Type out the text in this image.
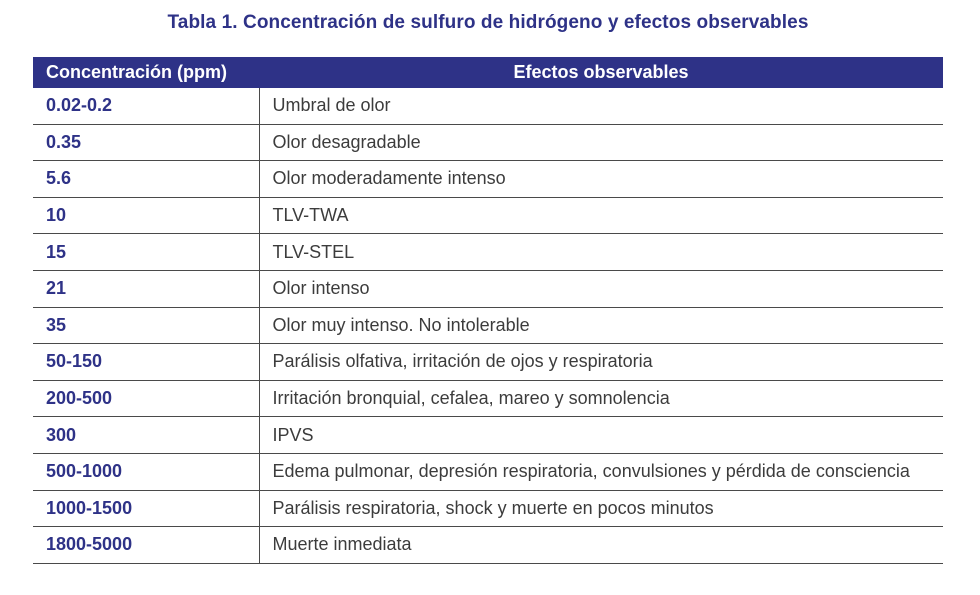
Tabla 1. Concentración de sulfuro de hidrógeno y efectos observables
Concentración (ppm)	Efectos observables
0.02-0.2	Umbral de olor
0.35	Olor desagradable
5.6	Olor moderadamente intenso
10	TLV-TWA
15	TLV-STEL
21	Olor intenso
35	Olor muy intenso. No intolerable
50-150	Parálisis olfativa, irritación de ojos y respiratoria
200-500	Irritación bronquial, cefalea, mareo y somnolencia
300	IPVS
500-1000	Edema pulmonar, depresión respiratoria, convulsiones y pérdida de consciencia
1000-1500	Parálisis respiratoria, shock y muerte en pocos minutos
1800-5000	Muerte inmediata
